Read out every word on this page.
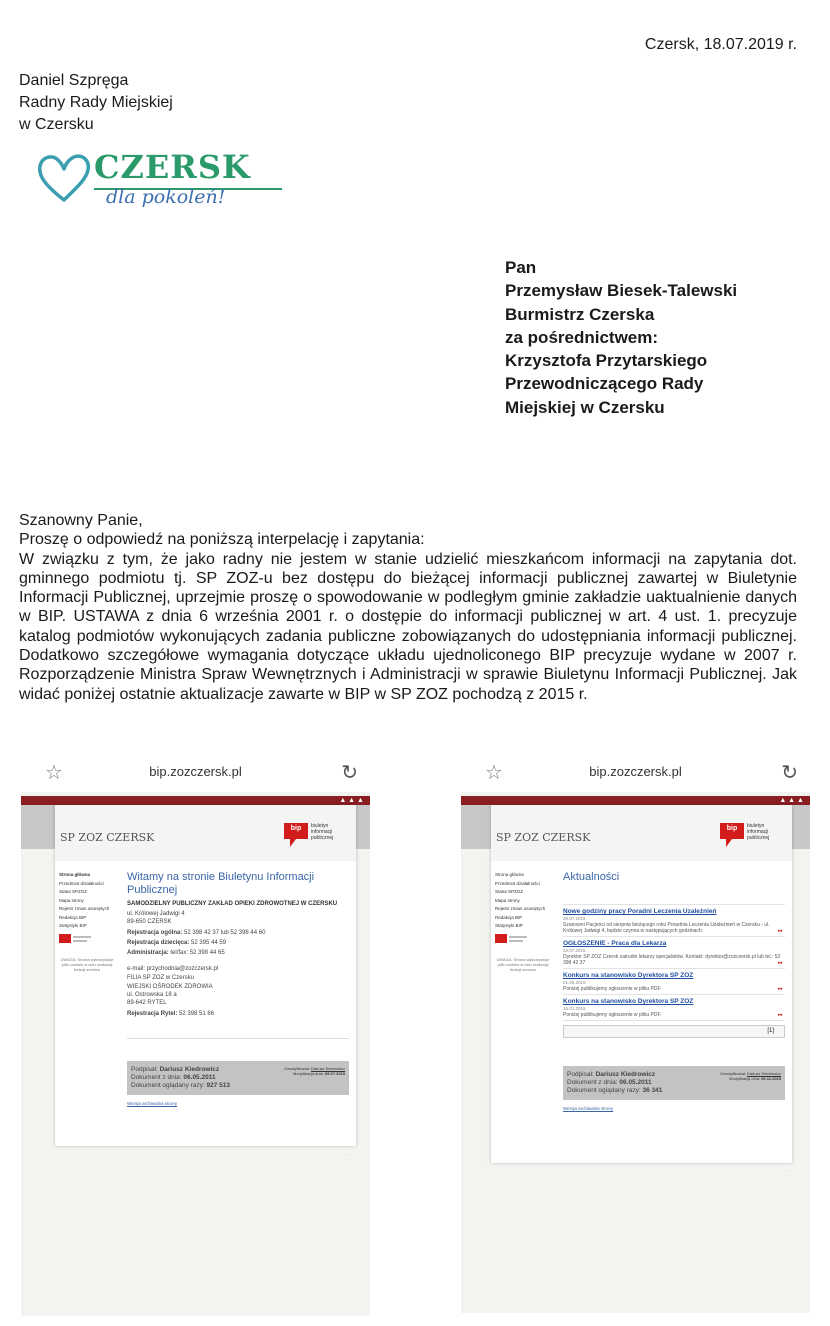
Czersk, 18.07.2019 r.
Daniel Szpręga
Radny Rady Miejskiej
w Czersku
CZERSK
dla pokoleń!
Pan
Przemysław Biesek-Talewski
Burmistrz Czerska
za pośrednictwem:
Krzysztofa Przytarskiego
Przewodniczącego Rady
Miejskiej w Czersku

Szanowny Panie,

Proszę o odpowiedź na poniższą interpelację i zapytania:

W związku z tym, że jako radny nie jestem w stanie udzielić mieszkańcom informacji na zapytania dot. gminnego podmiotu tj. SP ZOZ-u bez dostępu do bieżącej informacji publicznej zawartej w Biuletynie Informacji Publicznej, uprzejmie proszę o spowodowanie w podległym gminie zakładzie uaktualnienie danych w BIP. USTAWA z dnia 6 września 2001 r. o dostępie do informacji publicznej w art. 4 ust. 1. precyzuje katalog podmiotów wykonujących zadania publiczne zobowiązanych do udostępniania informacji publicznej. Dodatkowo szczegółowe wymagania dotyczące układu ujednoliconego BIP precyzuje wydane w 2007 r. Rozporządzenie Ministra Spraw Wewnętrznych i Administracji w sprawie Biuletynu Informacji Publicznej. Jak widać poniżej ostatnie aktualizacje zawarte w BIP w SP ZOZ pochodzą z 2015 r.

☆	bip.zozczersk.pl	↻
▲ ▲ ▲
SP ZOZ CZERSK
bip	biuletyn informacji publicznej
Strona główna
Przedmiot działalności
Statut SPZOZ
Mapa strony
Rejestr zmian usuniętych
Redakcja BIP
Statystyki BIP
UWAGA: Strona wykorzystuje pliki cookies w celu realizacji funkcji serwisu
Witamy na stronie Biuletynu Informacji Publicznej
SAMODZIELNY PUBLICZNY ZAKŁAD OPIEKI ZDROWOTNEJ W CZERSKU
ul. Królowej Jadwigi 4
89-650 CZERSK
Rejestracja ogólna: 52 398 42 37 lub 52 398 44 60
Rejestracja dziecięca: 52 395 44 59
Administracja: tel/fax: 52 398 44 65
e-mail: przychodnia@zozczersk.pl
FILIA SP ZOZ w Czersku
WIEJSKI OŚRODEK ZDROWIA
ul. Ostrowska 18 a
89-642 RYTEL
Rejestracja Rytel: 52 398 51 66
Podpisał: Dariusz Kiedrowicz
Dokument z dnia: 06.05.2011
Dokument oglądany razy: 927 513
Zmodyfikował: Dariusz Kiedrowicz
Modyfikacja dnia: 09.07.2015
Wersja archiwalna strony
· · ·
☆	bip.zozczersk.pl	↻
▲ ▲ ▲
SP ZOZ CZERSK
bip	biuletyn informacji publicznej
Strona główna
Przedmiot działalności
Statut SPZOZ
Mapa strony
Rejestr zmian usuniętych
Redakcja BIP
Statystyki BIP
UWAGA: Strona wykorzystuje pliki cookies w celu realizacji funkcji serwisu
Aktualności
Nowe godziny pracy Poradni Leczenia Uzależnień
28.07.2015
Szanowni Pacjenci od sierpnia bieżącego roku Poradnia Leczenia Uzależnień w Czersku - ul. Królowej Jadwigi 4, będzie czynna w następujących godzinach:	▸▸
OGŁOSZENIE - Praca dla Lekarza
03.07.2015
Dyrektor SP ZOZ Czersk zatrudni lekarzy specjalistów. Kontakt: dyrektor@zozczersk.pl lub tel.: 52 398 42 37	▸▸
Konkurs na stanowisko Dyrektora SP ZOZ
01.05.2015
Poniżej publikujemy ogłoszenie w pliku PDF.	▸▸
Konkurs na stanowisko Dyrektora SP ZOZ
16.01.2015
Poniżej publikujemy ogłoszenie w pliku PDF.	▸▸
[1]
Podpisał: Dariusz Kiedrowicz
Dokument z dnia: 06.05.2011
Dokument oglądany razy: 36 341
Zmodyfikował: Dariusz Kiedrowicz
Modyfikacja dnia: 06.11.2015
Wersja archiwalna strony
· · ·
